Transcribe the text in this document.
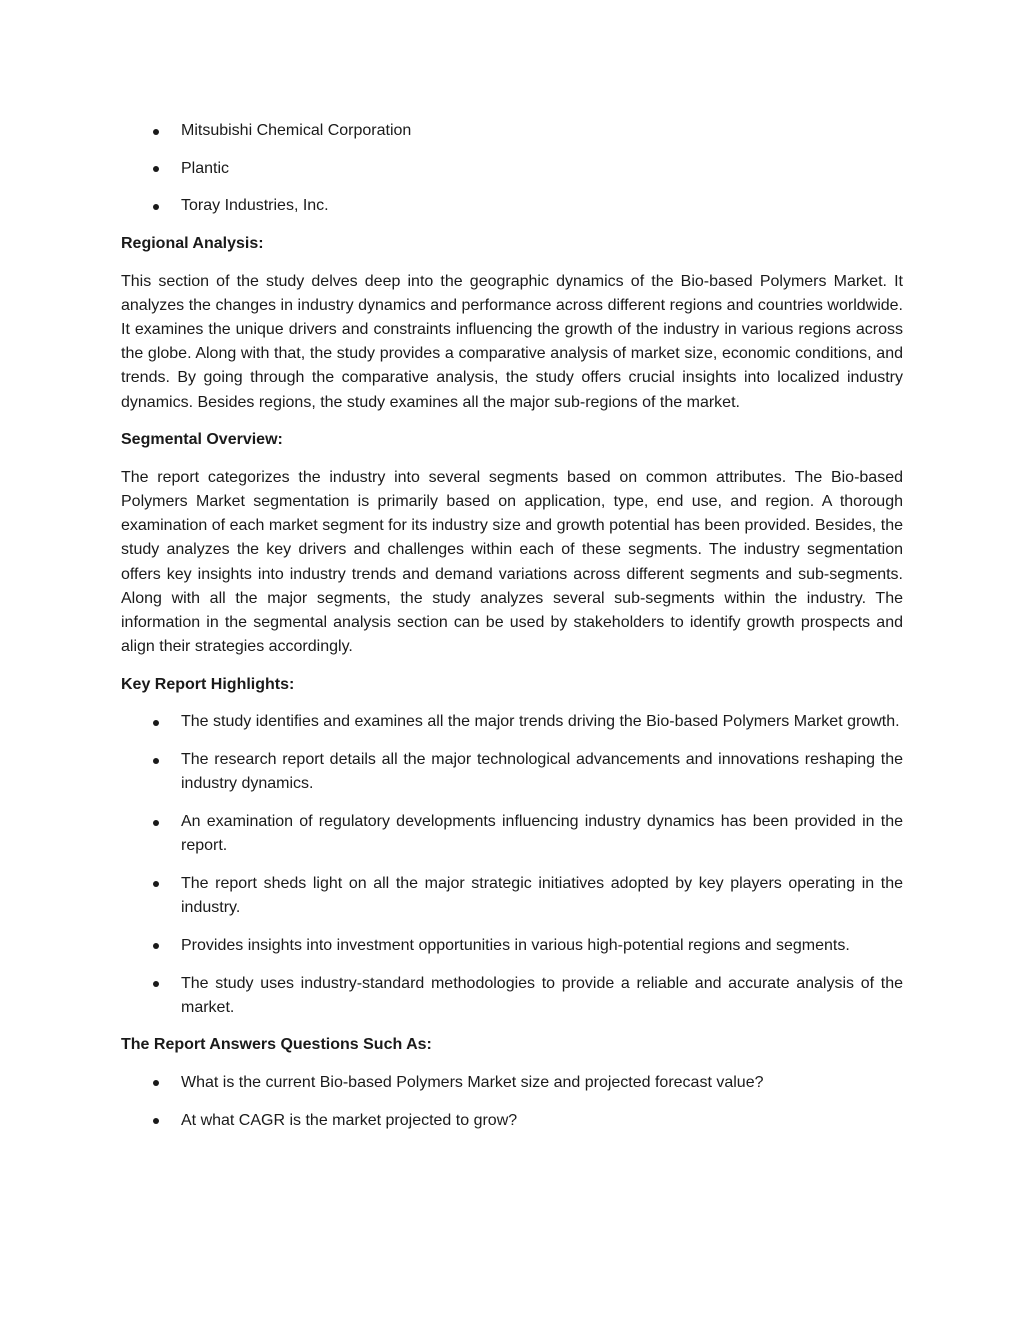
Mitsubishi Chemical Corporation
Plantic
Toray Industries, Inc.
Regional Analysis:

This section of the study delves deep into the geographic dynamics of the Bio-based Polymers Market. It analyzes the changes in industry dynamics and performance across different regions and countries worldwide. It examines the unique drivers and constraints influencing the growth of the industry in various regions across the globe. Along with that, the study provides a comparative analysis of market size, economic conditions, and trends. By going through the comparative analysis, the study offers crucial insights into localized industry dynamics. Besides regions, the study examines all the major sub-regions of the market.

Segmental Overview:

The report categorizes the industry into several segments based on common attributes. The Bio-based Polymers Market segmentation is primarily based on application, type, end use, and region. A thorough examination of each market segment for its industry size and growth potential has been provided. Besides, the study analyzes the key drivers and challenges within each of these segments. The industry segmentation offers key insights into industry trends and demand variations across different segments and sub-segments. Along with all the major segments, the study analyzes several sub-segments within the industry. The information in the segmental analysis section can be used by stakeholders to identify growth prospects and align their strategies accordingly.

Key Report Highlights:
The study identifies and examines all the major trends driving the Bio-based Polymers Market growth.
The research report details all the major technological advancements and innovations reshaping the industry dynamics.
An examination of regulatory developments influencing industry dynamics has been provided in the report.
The report sheds light on all the major strategic initiatives adopted by key players operating in the industry.
Provides insights into investment opportunities in various high-potential regions and segments.
The study uses industry-standard methodologies to provide a reliable and accurate analysis of the market.
The Report Answers Questions Such As:
What is the current Bio-based Polymers Market size and projected forecast value?
At what CAGR is the market projected to grow?
